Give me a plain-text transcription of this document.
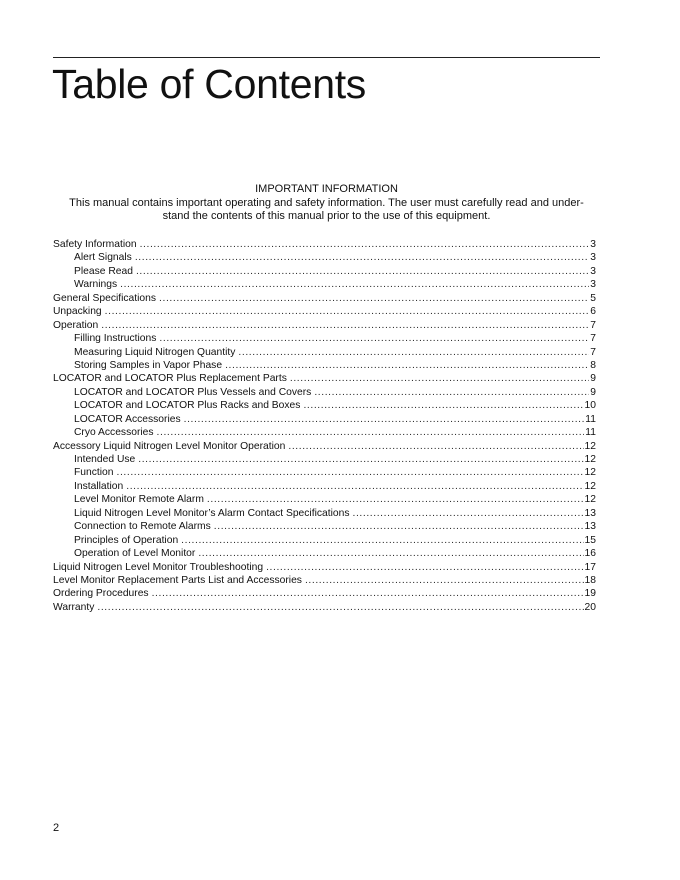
Table of Contents
IMPORTANT INFORMATION
This manual contains important operating and safety information. The user must carefully read and under-stand the contents of this manual prior to the use of this equipment.
Safety Information .....	3
Alert Signals .....	3
Please Read .....	3
Warnings .....	3
General Specifications .....	5
Unpacking .....	6
Operation .....	7
Filling Instructions .....	7
Measuring Liquid Nitrogen Quantity .....	7
Storing Samples in Vapor Phase .....	8
LOCATOR and LOCATOR Plus Replacement Parts .....	9
LOCATOR and LOCATOR Plus Vessels and Covers .....	9
LOCATOR and LOCATOR Plus Racks and Boxes .....	10
LOCATOR Accessories .....	11
Cryo Accessories .....	11
Accessory Liquid Nitrogen Level Monitor Operation .....	12
Intended Use .....	12
Function .....	12
Installation .....	12
Level Monitor Remote Alarm .....	12
Liquid Nitrogen Level Monitor’s Alarm Contact Specifications .....	13
Connection to Remote Alarms .....	13
Principles of Operation .....	15
Operation of Level Monitor .....	16
Liquid Nitrogen Level Monitor Troubleshooting .....	17
Level Monitor Replacement Parts List and Accessories .....	18
Ordering Procedures .....	19
Warranty .....	20
2
